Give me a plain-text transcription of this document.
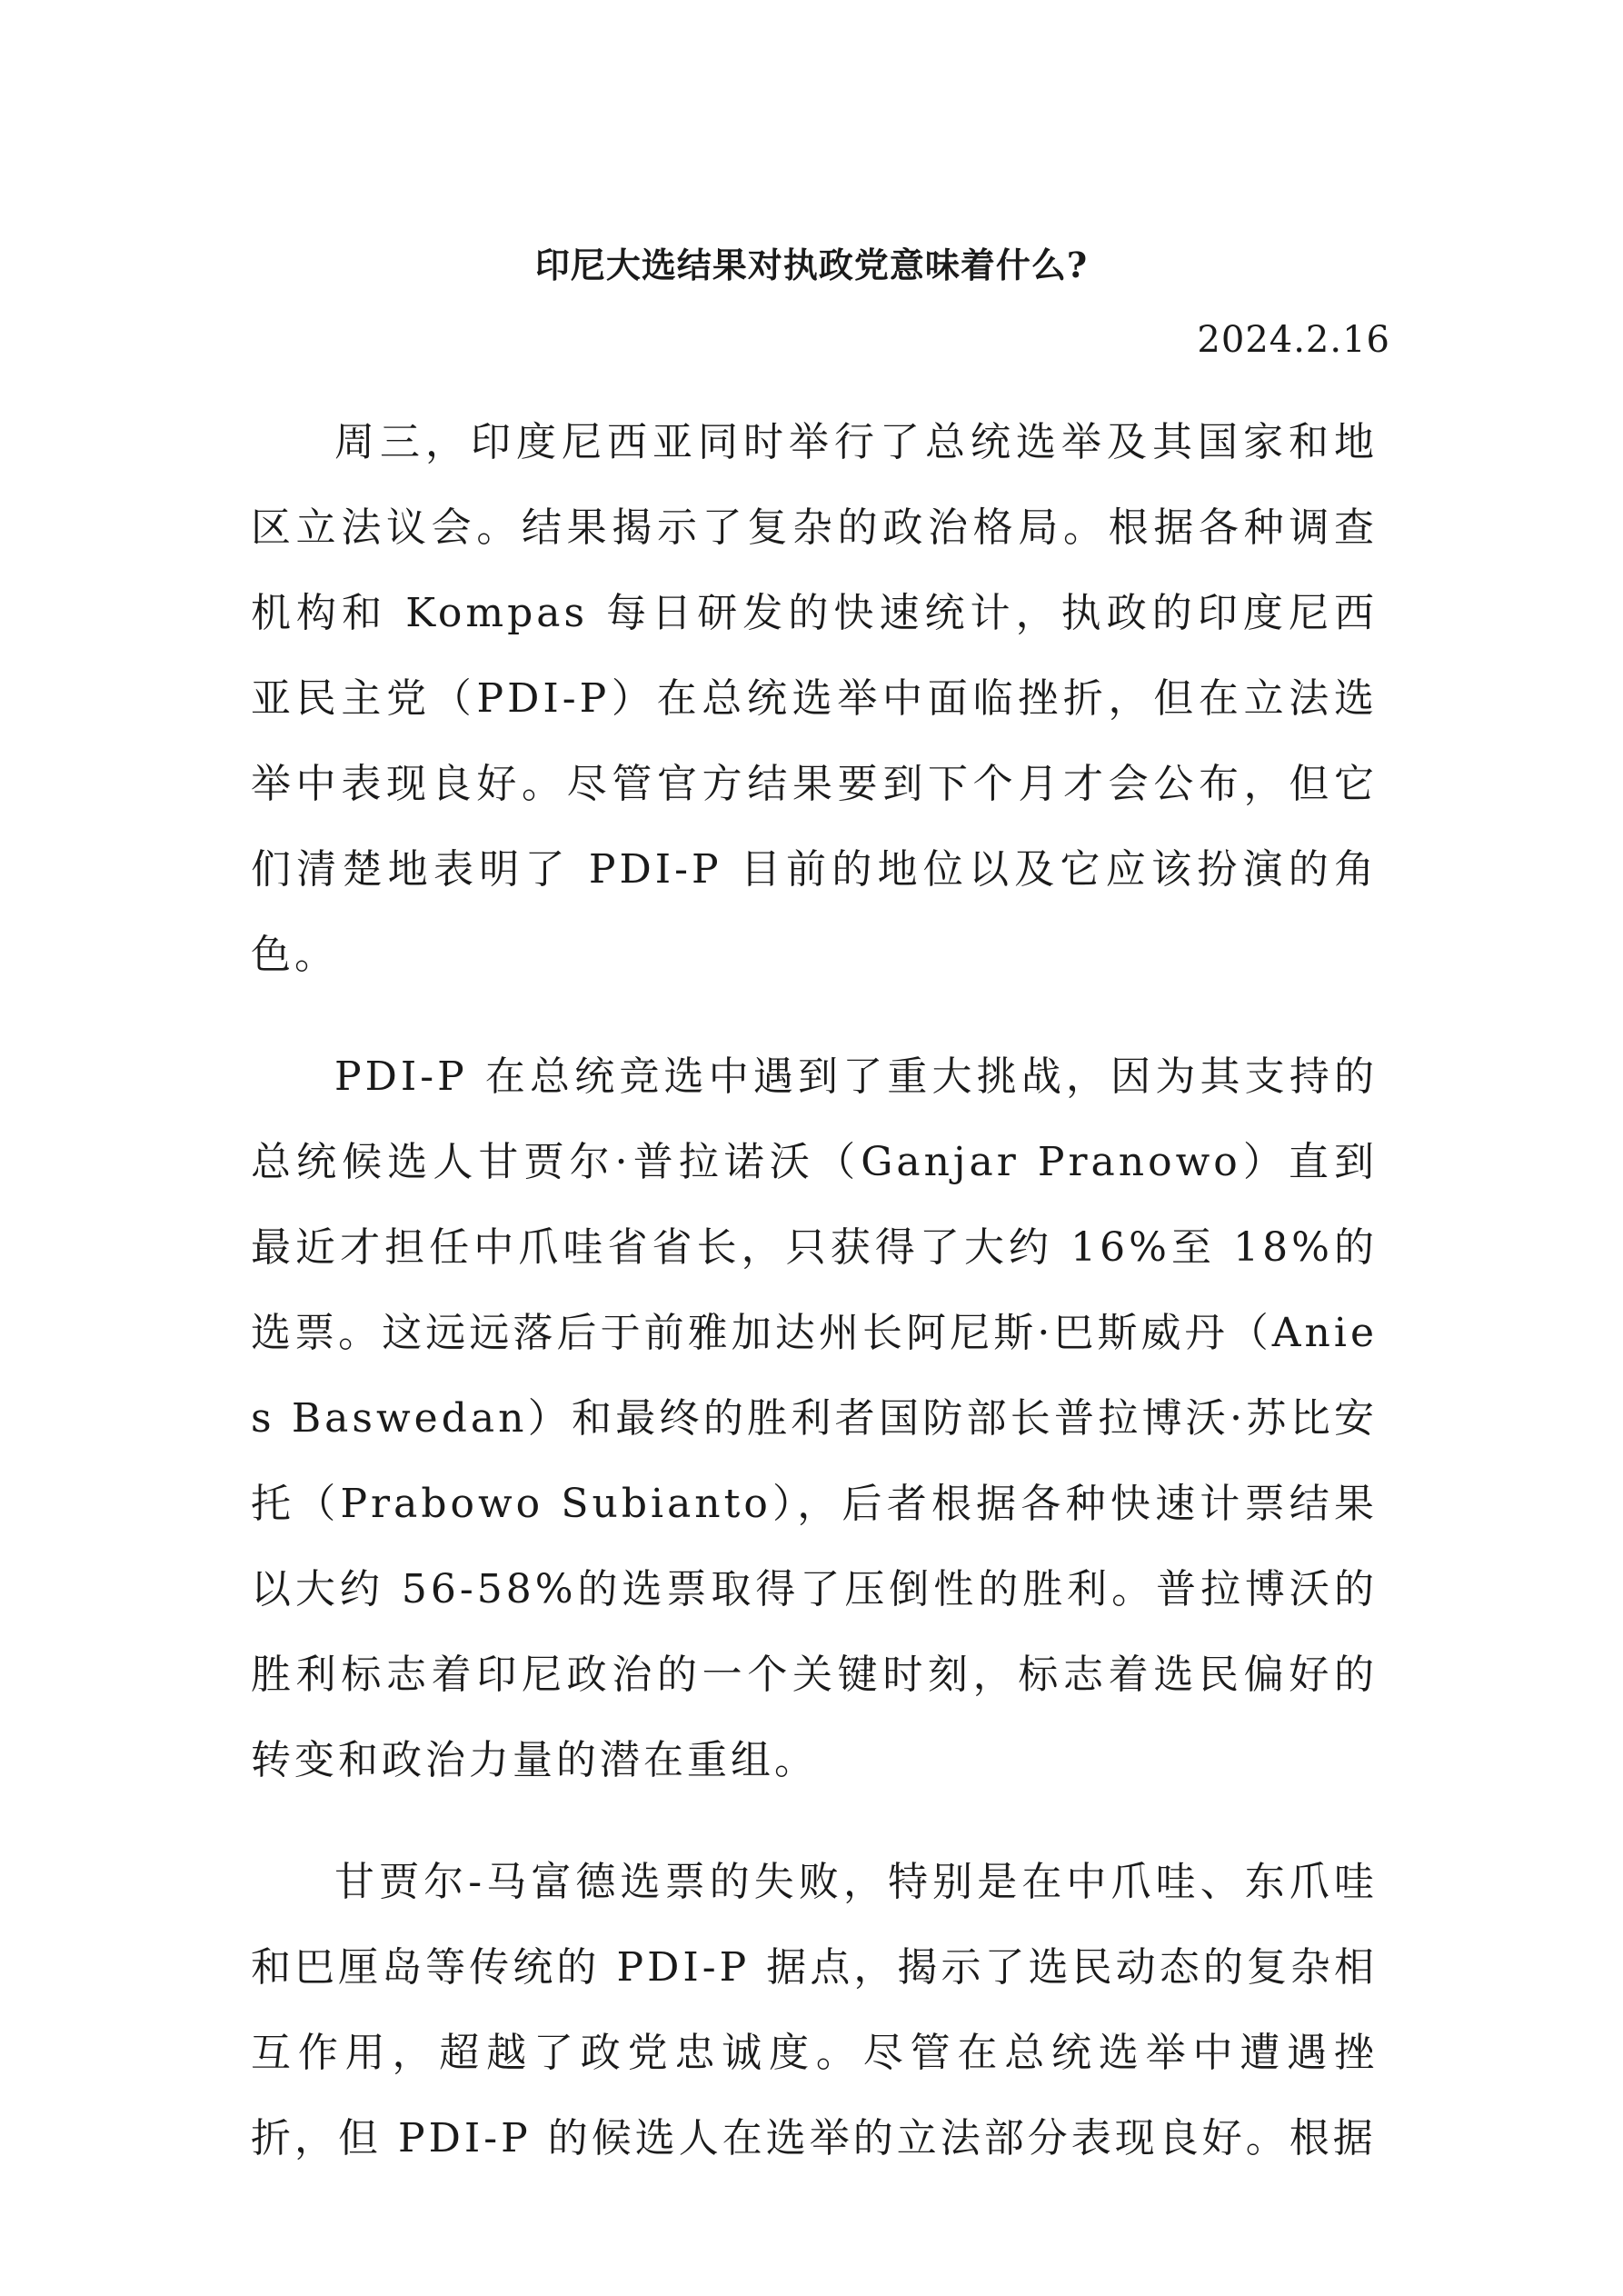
印尼大选结果对执政党意味着什么?
2024.2.16

周三，印度尼西亚同时举行了总统选举及其国家和地区立法议会。结果揭示了复杂的政治格局。根据各种调查机构和 Kompas 每日研发的快速统计，执政的印度尼西亚民主党（PDI-P）在总统选举中面临挫折，但在立法选举中表现良好。尽管官方结果要到下个月才会公布，但它们清楚地表明了 PDI-P 目前的地位以及它应该扮演的角色。

PDI-P 在总统竞选中遇到了重大挑战，因为其支持的总统候选人甘贾尔·普拉诺沃（Ganjar Pranowo）直到最近才担任中爪哇省省长，只获得了大约 16%至 18%的选票。这远远落后于前雅加达州长阿尼斯·巴斯威丹（Anies Baswedan）和最终的胜利者国防部长普拉博沃·苏比安托（Prabowo Subianto），后者根据各种快速计票结果以大约 56-58%的选票取得了压倒性的胜利。普拉博沃的胜利标志着印尼政治的一个关键时刻，标志着选民偏好的转变和政治力量的潜在重组。

甘贾尔-马富德选票的失败，特别是在中爪哇、东爪哇和巴厘岛等传统的 PDI-P 据点，揭示了选民动态的复杂相互作用，超越了政党忠诚度。尽管在总统选举中遭遇挫折，但 PDI-P 的候选人在选举的立法部分表现良好。根据
